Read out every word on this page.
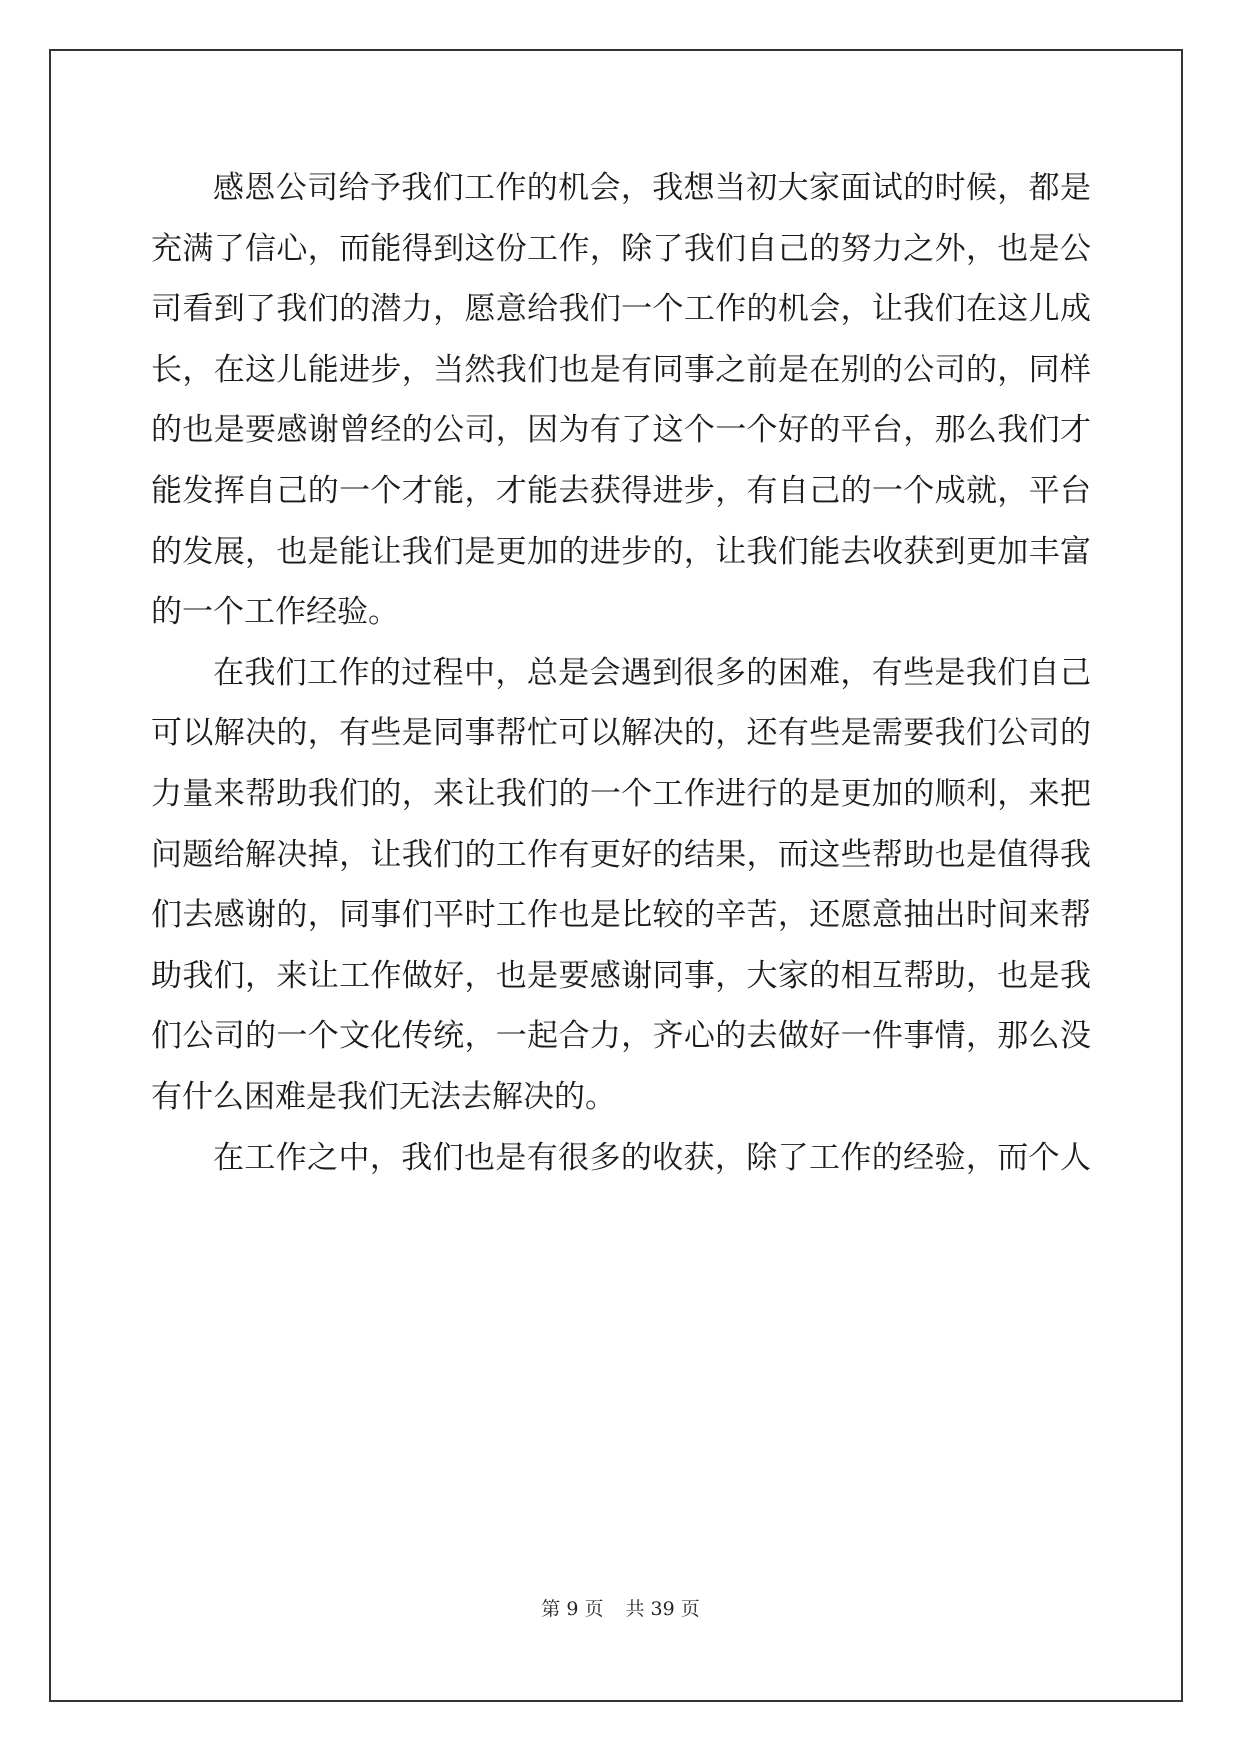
感恩公司给予我们工作的机会，我想当初大家面试的时候，都是
充满了信心，而能得到这份工作，除了我们自己的努力之外，也是公
司看到了我们的潜力，愿意给我们一个工作的机会，让我们在这儿成
长，在这儿能进步，当然我们也是有同事之前是在别的公司的，同样
的也是要感谢曾经的公司，因为有了这个一个好的平台，那么我们才
能发挥自己的一个才能，才能去获得进步，有自己的一个成就，平台
的发展，也是能让我们是更加的进步的，让我们能去收获到更加丰富
的一个工作经验。
在我们工作的过程中，总是会遇到很多的困难，有些是我们自己
可以解决的，有些是同事帮忙可以解决的，还有些是需要我们公司的
力量来帮助我们的，来让我们的一个工作进行的是更加的顺利，来把
问题给解决掉，让我们的工作有更好的结果，而这些帮助也是值得我
们去感谢的，同事们平时工作也是比较的辛苦，还愿意抽出时间来帮
助我们，来让工作做好，也是要感谢同事，大家的相互帮助，也是我
们公司的一个文化传统，一起合力，齐心的去做好一件事情，那么没
有什么困难是我们无法去解决的。
在工作之中，我们也是有很多的收获，除了工作的经验，而个人
第 9 页 共 39 页
